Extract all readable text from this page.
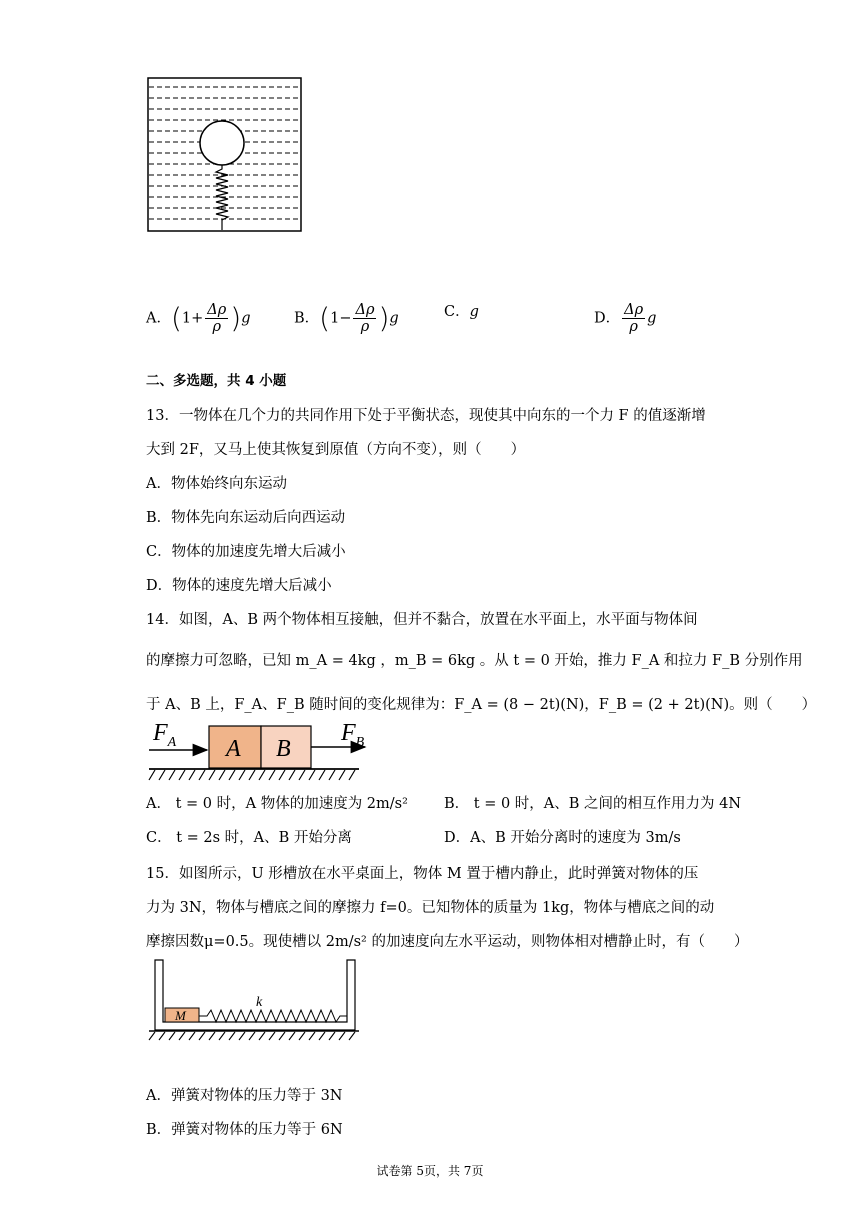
A．$(1+ \frac{\Delta\rho}{\rho} )g$	B．$(1- \frac{\Delta\rho}{\rho} )g$	C．g	D． $\frac{\Delta\rho}{\rho}$ g
二、多选题，共 4 小题
13．一物体在几个力的共同作用下处于平衡状态，现使其中向东的一个力 F 的值逐渐增
大到 2F，又马上使其恢复到原值（方向不变），则（　　）
A．物体始终向东运动
B．物体先向东运动后向西运动
C．物体的加速度先增大后减小
D．物体的速度先增大后减小
14．如图，A、B 两个物体相互接触，但并不黏合，放置在水平面上，水平面与物体间
的摩擦力可忽略，已知 m_A = 4kg ，m_B = 6kg 。从 t = 0 开始，推力 F_A 和拉力 F_B 分别作用
于 A、B 上，F_A、F_B 随时间的变化规律为：F_A = (8 − 2t)(N)，F_B = (2 + 2t)(N)。则（　　）
$F_A$ A B
$F_B$
A． t = 0 时，A 物体的加速度为 2m/s² B． t = 0 时，A、B 之间的相互作用力为 4N
C． t = 2s 时，A、B 开始分离	D．A、B 开始分离时的速度为 3m/s
15．如图所示，U 形槽放在水平桌面上，物体 M 置于槽内静止，此时弹簧对物体的压
力为 3N，物体与槽底之间的摩擦力 f=0。已知物体的质量为 1kg，物体与槽底之间的动
摩擦因数μ=0.5。现使槽以 2m/s² 的加速度向左水平运动，则物体相对槽静止时，有（　　）
M
k
A．弹簧对物体的压力等于 3N
B．弹簧对物体的压力等于 6N
试卷第 5页，共 7页
